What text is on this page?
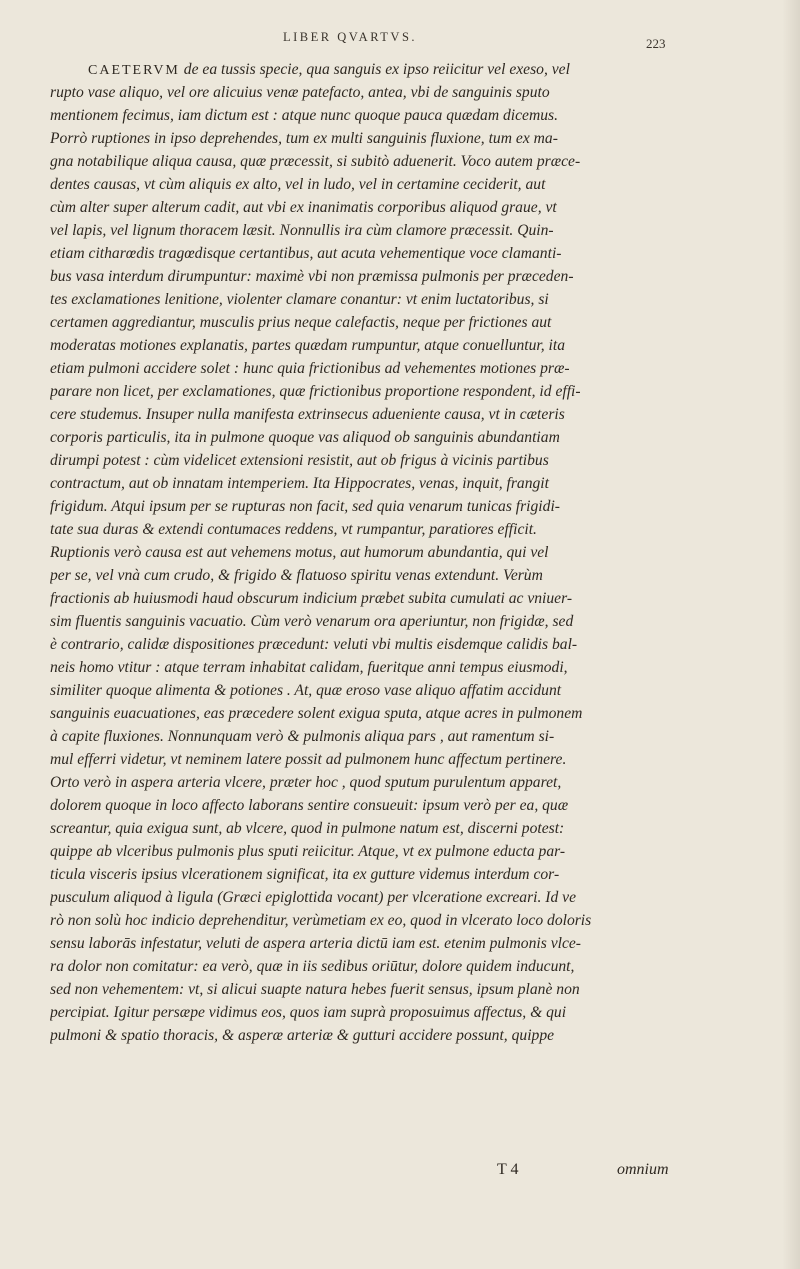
LIBER QVARTVS.	223
CAETERVM de ea tussis specie, qua sanguis ex ipso reiicitur vel exeso, vel
rupto vase aliquo, vel ore alicuius venæ patefacto, antea, vbi de sanguinis sputo
mentionem fecimus, iam dictum est : atque nunc quoque pauca quædam dicemus.
Porrò ruptiones in ipso deprehendes, tum ex multi sanguinis fluxione, tum ex ma-
gna notabilique aliqua causa, quæ præcessit, si subitò aduenerit. Voco autem præce-
dentes causas, vt cùm aliquis ex alto, vel in ludo, vel in certamine ceciderit, aut
cùm alter super alterum cadit, aut vbi ex inanimatis corporibus aliquod graue, vt
vel lapis, vel lignum thoracem læsit. Nonnullis ira cùm clamore præcessit. Quin-
etiam citharœdis tragœdisque certantibus, aut acuta vehementique voce clamanti-
bus vasa interdum dirumpuntur: maximè vbi non præmissa pulmonis per præceden-
tes exclamationes lenitione, violenter clamare conantur: vt enim luctatoribus, si
certamen aggrediantur, musculis prius neque calefactis, neque per frictiones aut
moderatas motiones explanatis, partes quædam rumpuntur, atque conuelluntur, ita
etiam pulmoni accidere solet : hunc quia frictionibus ad vehementes motiones præ-
parare non licet, per exclamationes, quæ frictionibus proportione respondent, id effi-
cere studemus. Insuper nulla manifesta extrinsecus adueniente causa, vt in cæteris
corporis particulis, ita in pulmone quoque vas aliquod ob sanguinis abundantiam
dirumpi potest : cùm videlicet extensioni resistit, aut ob frigus à vicinis partibus
contractum, aut ob innatam intemperiem. Ita Hippocrates, venas, inquit, frangit
frigidum. Atqui ipsum per se rupturas non facit, sed quia venarum tunicas frigidi-
tate sua duras & extendi contumaces reddens, vt rumpantur, paratiores efficit.
Ruptionis verò causa est aut vehemens motus, aut humorum abundantia, qui vel
per se, vel vnà cum crudo, & frigido & flatuoso spiritu venas extendunt. Verùm
fractionis ab huiusmodi haud obscurum indicium præbet subita cumulati ac vniuer-
sim fluentis sanguinis vacuatio. Cùm verò venarum ora aperiuntur, non frigidæ, sed
è contrario, calidæ dispositiones præcedunt: veluti vbi multis eisdemque calidis bal-
neis homo vtitur : atque terram inhabitat calidam, fueritque anni tempus eiusmodi,
similiter quoque alimenta & potiones . At, quæ eroso vase aliquo affatim accidunt
sanguinis euacuationes, eas præcedere solent exigua sputa, atque acres in pulmonem
à capite fluxiones. Nonnunquam verò & pulmonis aliqua pars , aut ramentum si-
mul efferri videtur, vt neminem latere possit ad pulmonem hunc affectum pertinere.
Orto verò in aspera arteria vlcere, præter hoc , quod sputum purulentum apparet,
dolorem quoque in loco affecto laborans sentire consueuit: ipsum verò per ea, quæ
screantur, quia exigua sunt, ab vlcere, quod in pulmone natum est, discerni potest:
quippe ab vlceribus pulmonis plus sputi reiicitur. Atque, vt ex pulmone educta par-
ticula visceris ipsius vlcerationem significat, ita ex gutture videmus interdum cor-
pusculum aliquod à ligula (Græci epiglottida vocant) per vlceratione excreari. Id ve
rò non solù hoc indicio deprehenditur, verùmetiam ex eo, quod in vlcerato loco doloris
sensu laborās infestatur, veluti de aspera arteria dictū iam est. etenim pulmonis vlce-
ra dolor non comitatur: ea verò, quæ in iis sedibus oriūtur, dolore quidem inducunt,
sed non vehementem: vt, si alicui suapte natura hebes fuerit sensus, ipsum planè non
percipiat. Igitur persæpe vidimus eos, quos iam suprà proposuimus affectus, & qui
pulmoni & spatio thoracis, & asperæ arteriæ & gutturi accidere possunt, quippe
T 4	omnium
